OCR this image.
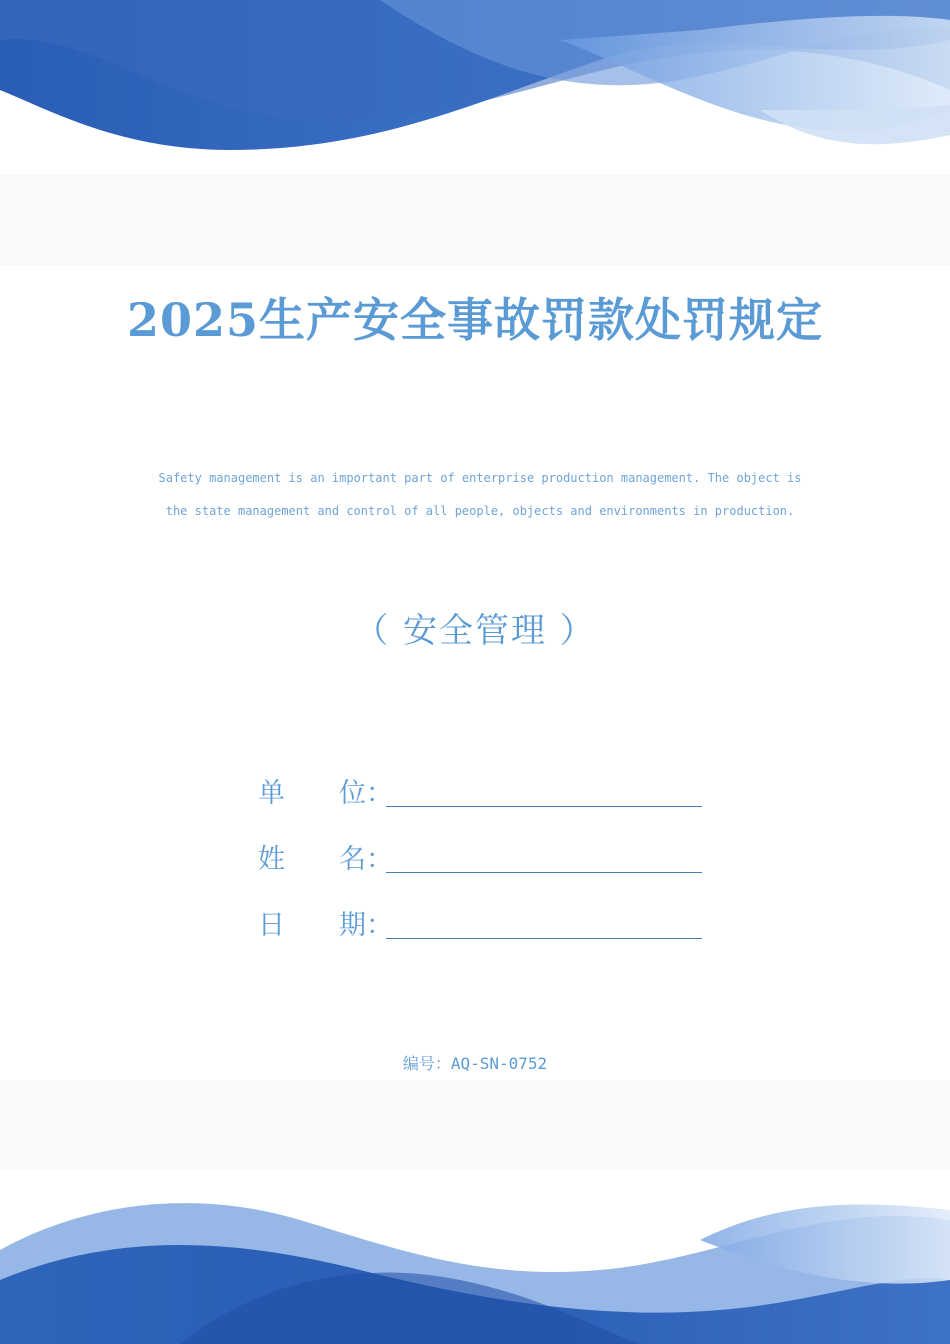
2025生产安全事故罚款处罚规定

Safety management is an important part of enterprise production management. The object is the state management and control of all people, objects and environments in production.

（ 安全管理 ）

单　　位：
姓　　名：
日　　期：

编号：AQ-SN-0752
